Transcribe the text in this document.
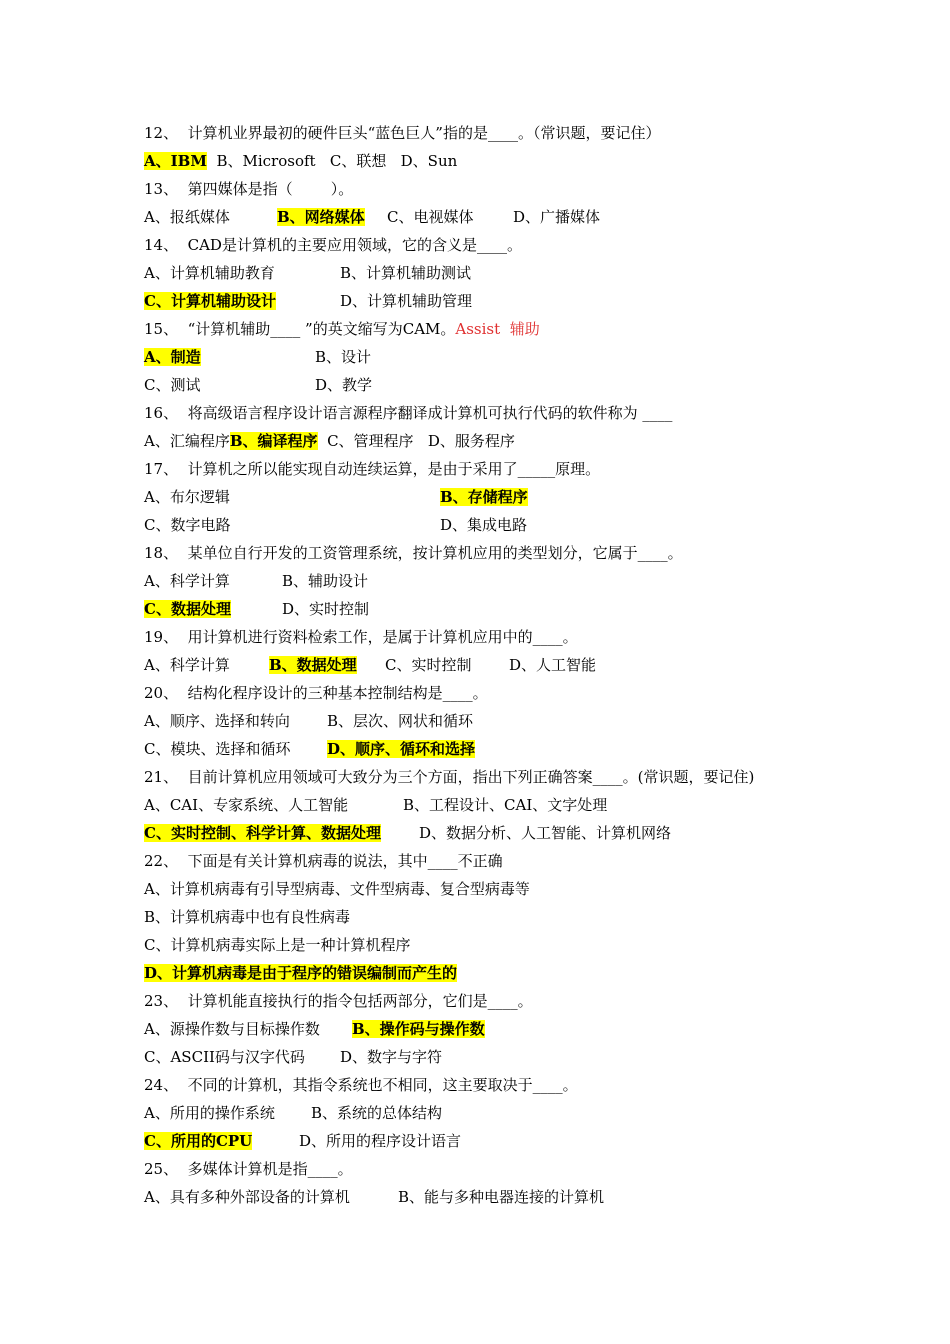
12、  计算机业界最初的硬件巨头“蓝色巨人”指的是____。（常识题，要记住）
A、IBM  B、Microsoft   C、联想   D、Sun
13、  第四媒体是指（        ）。
A、报纸媒体	B、网络媒体 C、电视媒体	D、广播媒体
14、  CAD是计算机的主要应用领域，它的含义是____。
A、计算机辅助教育	B、计算机辅助测试
C、计算机辅助设计	D、计算机辅助管理
15、  “计算机辅助____ ”的英文缩写为CAM。Assist  辅助
A、制造	B、设计
C、测试	D、教学
16、  将高级语言程序设计语言源程序翻译成计算机可执行代码的软件称为 ____
A、汇编程序B、编译程序  C、管理程序   D、服务程序
17、  计算机之所以能实现自动连续运算，是由于采用了_____原理。
A、布尔逻辑	B、存储程序
C、数字电路	D、集成电路
18、  某单位自行开发的工资管理系统，按计算机应用的类型划分，它属于____。
A、科学计算	B、辅助设计
C、数据处理	D、实时控制
19、  用计算机进行资料检索工作，是属于计算机应用中的____。
A、科学计算	B、数据处理 C、实时控制	D、人工智能
20、  结构化程序设计的三种基本控制结构是____。
A、顺序、选择和转向 B、层次、网状和循环
C、模块、选择和循环 D、顺序、循环和选择
21、  目前计算机应用领域可大致分为三个方面，指出下列正确答案____。(常识题，要记住)
A、CAI、专家系统、人工智能	B、工程设计、CAI、文字处理
C、实时控制、科学计算、数据处理	D、数据分析、人工智能、计算机网络
22、  下面是有关计算机病毒的说法，其中____不正确
A、计算机病毒有引导型病毒、文件型病毒、复合型病毒等
B、计算机病毒中也有良性病毒
C、计算机病毒实际上是一种计算机程序
D、计算机病毒是由于程序的错误编制而产生的
23、  计算机能直接执行的指令包括两部分，它们是____。
A、源操作数与目标操作数 B、操作码与操作数
C、ASCII码与汉字代码 D、数字与字符
24、  不同的计算机，其指令系统也不相同，这主要取决于____。
A、所用的操作系统 B、系统的总体结构
C、所用的CPU	D、所用的程序设计语言
25、  多媒体计算机是指____。
A、具有多种外部设备的计算机	B、能与多种电器连接的计算机
